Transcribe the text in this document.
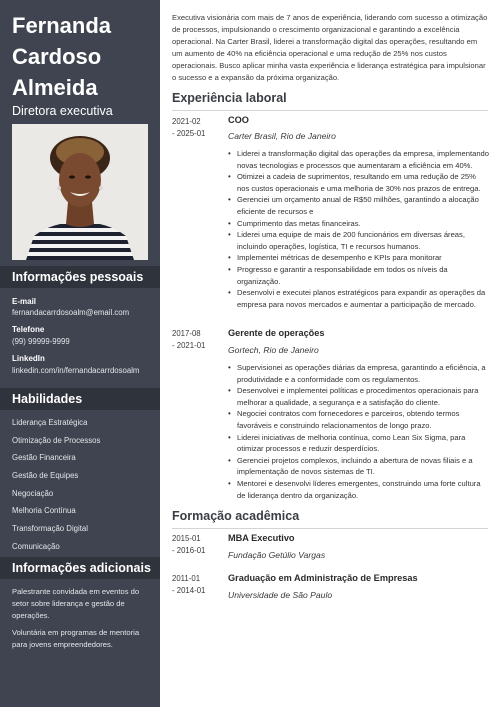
Fernanda
Cardoso
Almeida
Diretora executiva
Informações pessoais
E-mail
fernandacarrdosoalm@email.com
Telefone
(99) 99999-9999
LinkedIn
linkedin.com/in/fernandacarrdosoalm
Habilidades
Liderança Estratégica
Otimização de Processos
Gestão Financeira
Gestão de Equipes
Negociação
Melhoria Contínua
Transformação Digital
Comunicação
Informações adicionais
Palestrante convidada em eventos do setor sobre liderança e gestão de operações.
Voluntária em programas de mentoria para jovens empreendedores.
Executiva visionária com mais de 7 anos de experiência, liderando com sucesso a otimização de processos, impulsionando o crescimento organizacional e garantindo a excelência operacional. Na Carter Brasil, liderei a transformação digital das operações, resultando em um aumento de 40% na eficiência operacional e uma redução de 25% nos custos operacionais. Busco aplicar minha vasta experiência e liderança estratégica para impulsionar o sucesso e a expansão da próxima organização.
Experiência laboral
2021-02
- 2025-01
COO
Carter Brasil, Rio de Janeiro
• Liderei a transformação digital das operações da empresa, implementando novas tecnologias e processos que aumentaram a eficiência em 40%.
• Otimizei a cadeia de suprimentos, resultando em uma redução de 25% nos custos operacionais e uma melhoria de 30% nos prazos de entrega.
• Gerenciei um orçamento anual de R$50 milhões, garantindo a alocação eficiente de recursos e
• Cumprimento das metas financeiras.
• Liderei uma equipe de mais de 200 funcionários em diversas áreas, incluindo operações, logística, TI e recursos humanos.
• Implementei métricas de desempenho e KPIs para monitorar
• Progresso e garantir a responsabilidade em todos os níveis da organização.
• Desenvolvi e executei planos estratégicos para expandir as operações da empresa para novos mercados e aumentar a participação de mercado.
2017-08
- 2021-01
Gerente de operações
Gortech, Rio de Janeiro
• Supervisionei as operações diárias da empresa, garantindo a eficiência, a produtividade e a conformidade com os regulamentos.
• Desenvolvei e implementei políticas e procedimentos operacionais para melhorar a qualidade, a segurança e a satisfação do cliente.
• Negociei contratos com fornecedores e parceiros, obtendo termos favoráveis e construindo relacionamentos de longo prazo.
• Liderei iniciativas de melhoria contínua, como Lean Six Sigma, para otimizar processos e reduzir desperdícios.
• Gerenciei projetos complexos, incluindo a abertura de novas filiais e a implementação de novos sistemas de TI.
• Mentorei e desenvolvi líderes emergentes, construindo uma forte cultura de liderança dentro da organização.
Formação acadêmica
2015-01
- 2016-01
MBA Executivo
Fundação Getúlio Vargas
2011-01
- 2014-01
Graduação em Administração de Empresas
Universidade de São Paulo
